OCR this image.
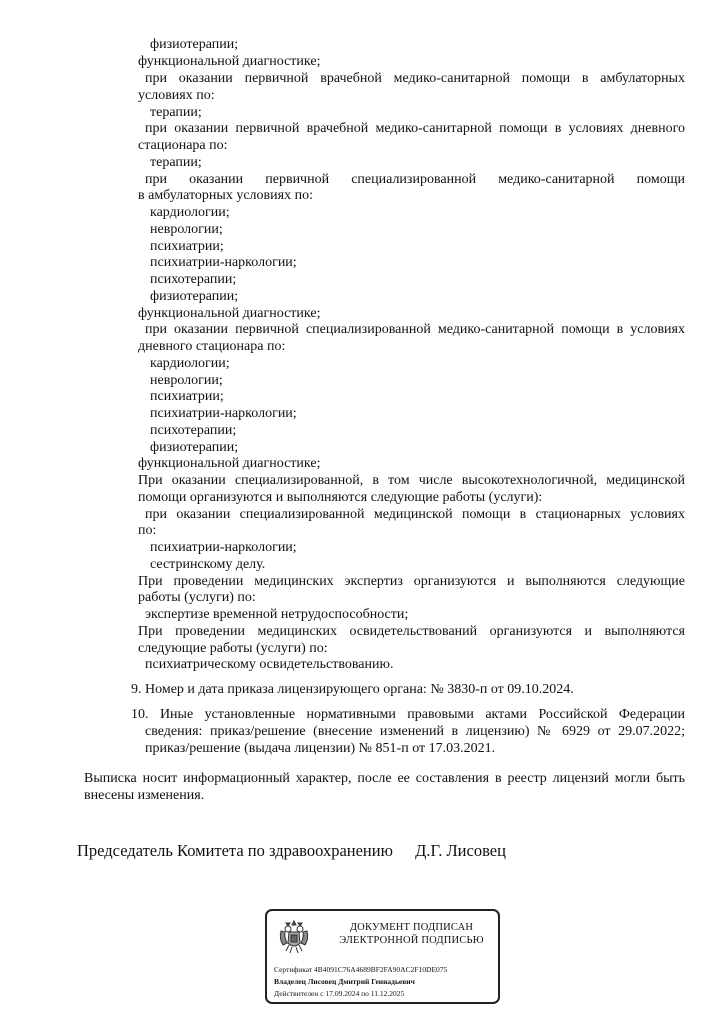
физиотерапии;
функциональной диагностике;
при оказании первичной врачебной медико-санитарной помощи в амбулаторных
условиях по:
терапии;
при оказании первичной врачебной медико-санитарной помощи в условиях дневного
стационара по:
терапии;
при оказании первичной специализированной медико-санитарной помощи
в амбулаторных условиях по:
кардиологии;
неврологии;
психиатрии;
психиатрии-наркологии;
психотерапии;
физиотерапии;
функциональной диагностике;
при оказании первичной специализированной медико-санитарной помощи в условиях
дневного стационара по:
кардиологии;
неврологии;
психиатрии;
психиатрии-наркологии;
психотерапии;
физиотерапии;
функциональной диагностике;
При оказании специализированной, в том числе высокотехнологичной, медицинской
помощи организуются и выполняются следующие работы (услуги):
при оказании специализированной медицинской помощи в стационарных условиях
по:
психиатрии-наркологии;
сестринскому делу.
При проведении медицинских экспертиз организуются и выполняются следующие
работы (услуги) по:
экспертизе временной нетрудоспособности;
При проведении медицинских освидетельствований организуются и выполняются
следующие работы (услуги) по:
психиатрическому освидетельствованию.
9. Номер и дата приказа лицензирующего органа: № 3830-п от 09.10.2024.
10. Иные установленные нормативными правовыми актами Российской Федерации
сведения: приказ/решение (внесение изменений в лицензию) № 6929 от 29.07.2022;
приказ/решение (выдача лицензии) № 851-п от 17.03.2021.
Выписка носит информационный характер, после ее составления в реестр лицензий могли быть
внесены изменения.
Председатель Комитета по здравоохранению Д.Г. Лисовец
ДОКУМЕНТ ПОДПИСАН
ЭЛЕКТРОННОЙ ПОДПИСЬЮ
Сертификат 4B4091C76A4689BF2FA90AC2F10DE075
Владелец Лисовец Дмитрий Геннадьевич
Действителен с 17.09.2024 по 11.12.2025
